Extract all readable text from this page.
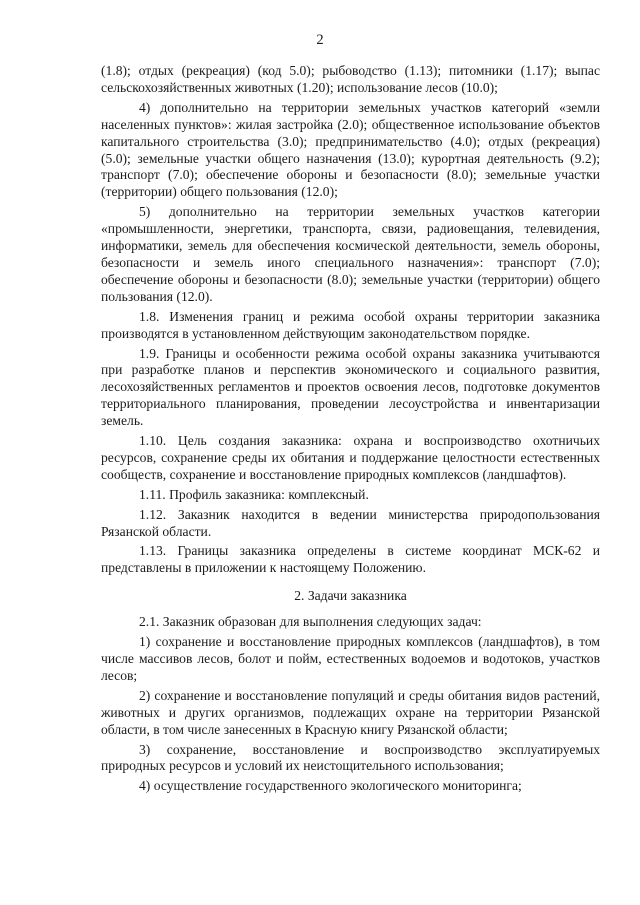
2

(1.8); отдых (рекреация) (код 5.0); рыбоводство (1.13); питомники (1.17); выпас сельскохозяйственных животных (1.20); использование лесов (10.0);

4) дополнительно на территории земельных участков категорий «земли населенных пунктов»: жилая застройка (2.0); общественное использование объектов капитального строительства (3.0); предпринимательство (4.0); отдых (рекреация) (5.0); земельные участки общего назначения (13.0); курортная деятельность (9.2); транспорт (7.0); обеспечение обороны и безопасности (8.0); земельные участки (территории) общего пользования (12.0);

5) дополнительно на территории земельных участков категории «промышленности, энергетики, транспорта, связи, радиовещания, телевидения, информатики, земель для обеспечения космической деятельности, земель обороны, безопасности и земель иного специального назначения»: транспорт (7.0); обеспечение обороны и безопасности (8.0); земельные участки (территории) общего пользования (12.0).

1.8. Изменения границ и режима особой охраны территории заказника производятся в установленном действующим законодательством порядке.

1.9. Границы и особенности режима особой охраны заказника учитываются при разработке планов и перспектив экономического и социального развития, лесохозяйственных регламентов и проектов освоения лесов, подготовке документов территориального планирования, проведении лесоустройства и инвентаризации земель.

1.10. Цель создания заказника: охрана и воспроизводство охотничьих ресурсов, сохранение среды их обитания и поддержание целостности естественных сообществ, сохранение и восстановление природных комплексов (ландшафтов).

1.11. Профиль заказника: комплексный.

1.12. Заказник находится в ведении министерства природопользования Рязанской области.

1.13. Границы заказника определены в системе координат МСК-62 и представлены в приложении к настоящему Положению.

2. Задачи заказника

2.1. Заказник образован для выполнения следующих задач:

1) сохранение и восстановление природных комплексов (ландшафтов), в том числе массивов лесов, болот и пойм, естественных водоемов и водотоков, участков лесов;

2) сохранение и восстановление популяций и среды обитания видов растений, животных и других организмов, подлежащих охране на территории Рязанской области, в том числе занесенных в Красную книгу Рязанской области;

3) сохранение, восстановление и воспроизводство эксплуатируемых природных ресурсов и условий их неистощительного использования;

4) осуществление государственного экологического мониторинга;
